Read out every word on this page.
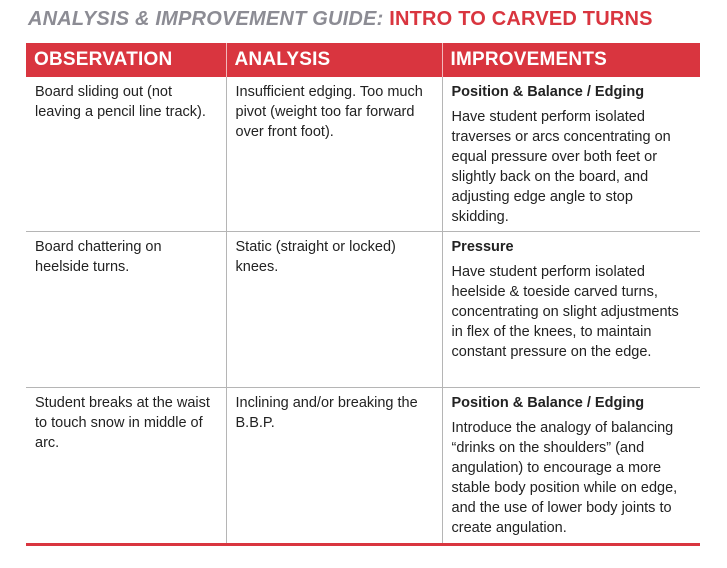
ANALYSIS & IMPROVEMENT GUIDE: INTRO TO CARVED TURNS
OBSERVATION	ANALYSIS	IMPROVEMENTS
Board sliding out (not leaving a pencil line track).	Insufficient edging. Too much pivot (weight too far forward over front foot).	Position & Balance / Edging
Have student perform isolated traverses or arcs concentrating on equal pressure over both feet or slightly back on the board, and adjusting edge angle to stop skidding.

Board chattering on heelside turns.	Static (straight or locked) knees.	Pressure
Have student perform isolated heelside & toeside carved turns, concentrating on slight adjustments in flex of the knees, to maintain constant pressure on the edge.

Student breaks at the waist to touch snow in middle of arc.	Inclining and/or breaking the B.B.P.	Position & Balance / Edging
Introduce the analogy of balancing “drinks on the shoulders” (and angulation) to encourage a more stable body position while on edge, and the use of lower body joints to create angulation.
